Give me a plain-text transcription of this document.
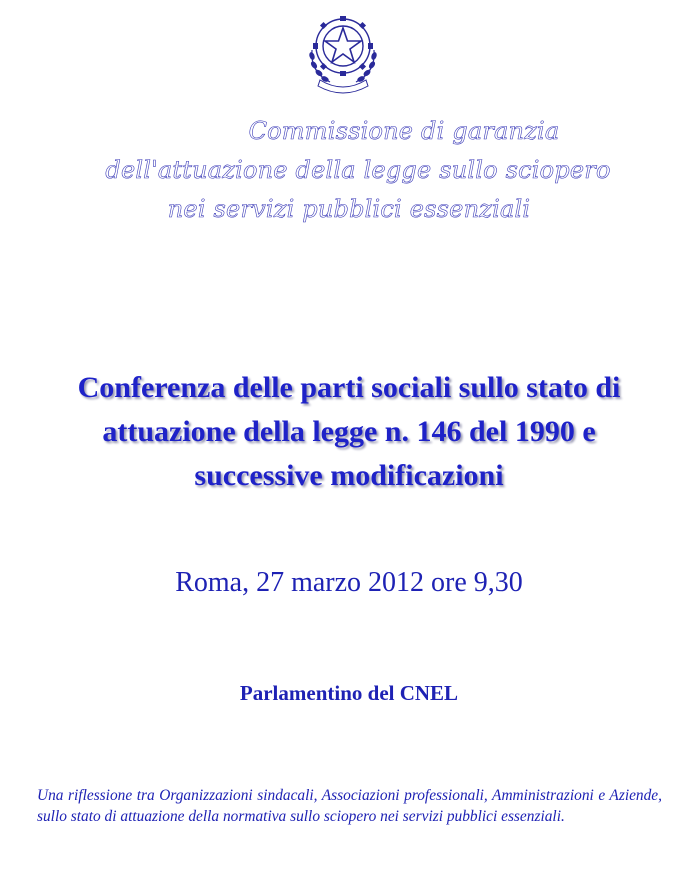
Commissione di garanzia
dell'attuazione della legge sullo sciopero
nei servizi pubblici essenziali
Conferenza delle parti sociali sullo stato di
attuazione della legge n. 146 del 1990 e
successive modificazioni
Roma, 27 marzo 2012 ore 9,30
Parlamentino del CNEL
Una riflessione tra Organizzazioni sindacali, Associazioni professionali, Amministrazioni e Aziende, sullo stato di attuazione della normativa sullo sciopero nei servizi pubblici essenziali.
